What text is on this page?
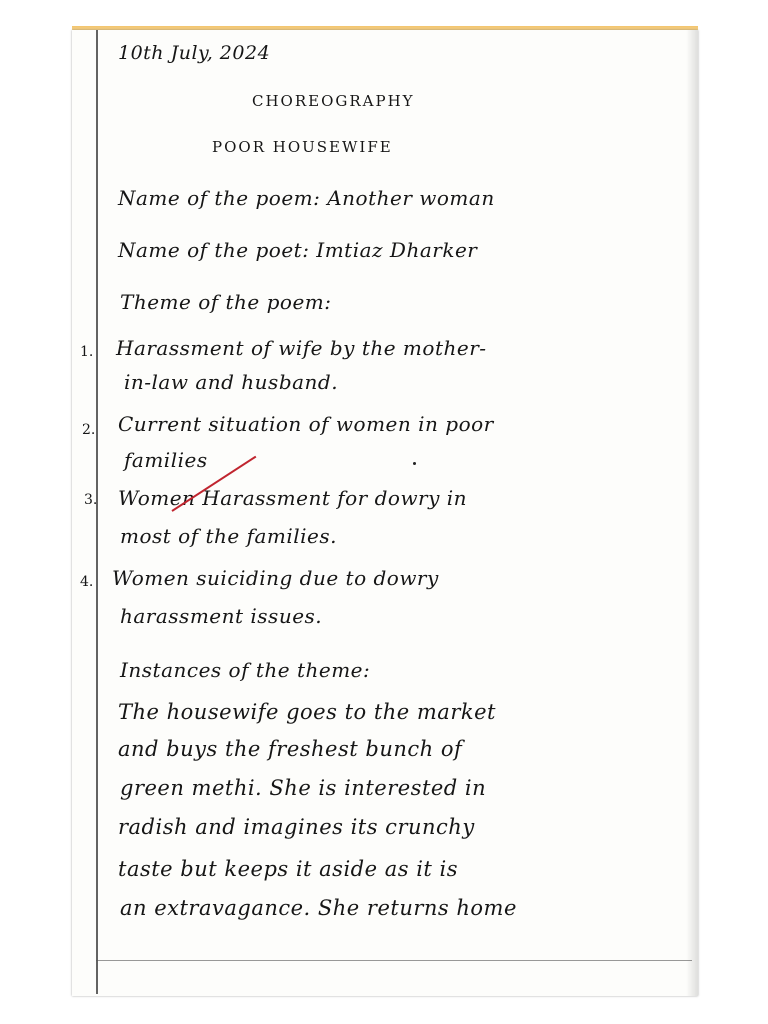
10th July, 2024
CHOREOGRAPHY
POOR HOUSEWIFE
Name of the poem: Another woman
Name of the poet: Imtiaz Dharker
Theme of the poem:
1. Harassment of wife by the mother-
in-law and husband.
2. Current situation of women in poor
families
3. Women Harassment for dowry in
most of the families.
4. Women suiciding due to dowry
harassment issues.
Instances of the theme:
The housewife goes to the market
and buys the freshest bunch of
green methi. She is interested in
radish and imagines its crunchy
taste but keeps it aside as it is
an extravagance. She returns home
